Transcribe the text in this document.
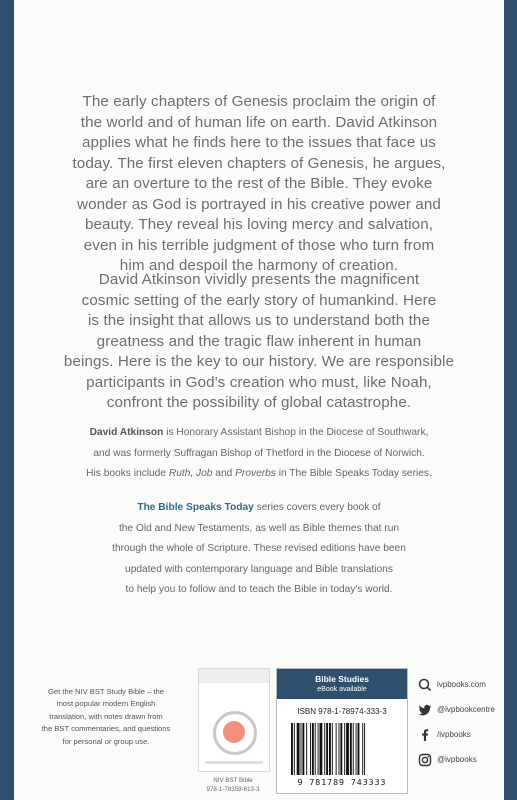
The early chapters of Genesis proclaim the origin of

the world and of human life on earth. David Atkinson

applies what he finds here to the issues that face us

today. The first eleven chapters of Genesis, he argues,

are an overture to the rest of the Bible. They evoke

wonder as God is portrayed in his creative power and

beauty. They reveal his loving mercy and salvation,

even in his terrible judgment of those who turn from

him and despoil the harmony of creation.

David Atkinson vividly presents the magnificent

cosmic setting of the early story of humankind. Here

is the insight that allows us to understand both the

greatness and the tragic flaw inherent in human

beings. Here is the key to our history. We are responsible

participants in God's creation who must, like Noah,

confront the possibility of global catastrophe.

David Atkinson is Honorary Assistant Bishop in the Diocese of Southwark,
and was formerly Suffragan Bishop of Thetford in the Diocese of Norwich.
His books include Ruth, Job and Proverbs in The Bible Speaks Today series.
The Bible Speaks Today series covers every book of
the Old and New Testaments, as well as Bible themes that run
through the whole of Scripture. These revised editions have been
updated with contemporary language and Bible translations
to help you to follow and to teach the Bible in today's world.
Get the NIV BST Study Bible – the
most popular modern English
translation, with notes drawn from
the BST commentaries, and questions
for personal or group use.
NIV BST Bible
978-1-78359-613-3
Bible Studies
eBook available
ISBN 978-1-78974-333-3
9 781789 743333
ivpbooks.com
@ivpbookcentre
/ivpbooks
@ivpbooks
